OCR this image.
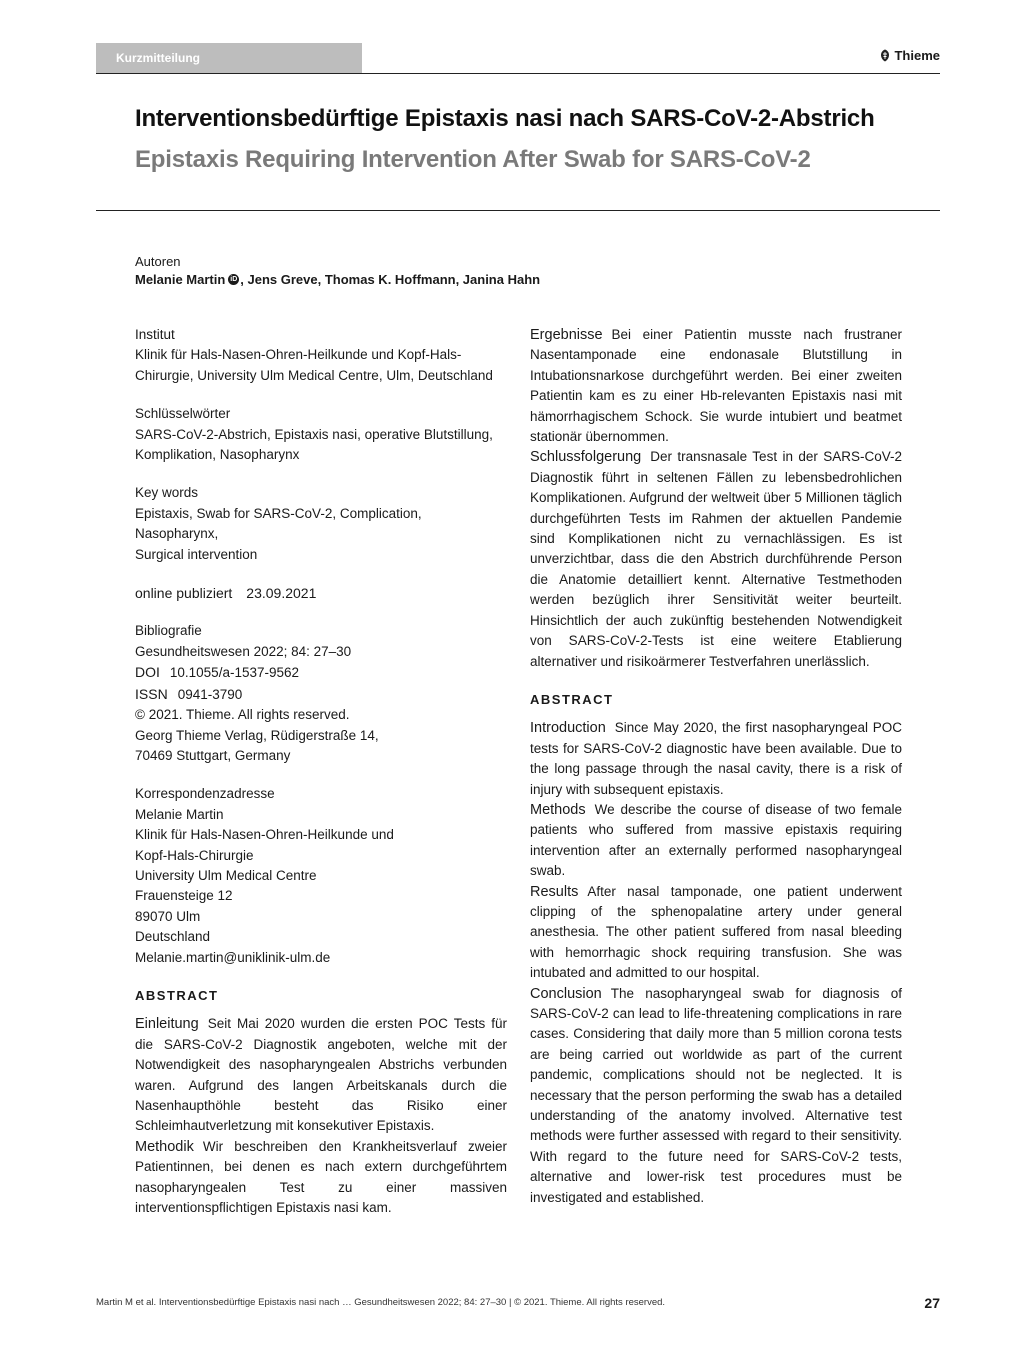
Kurzmitteilung	Thieme
Interventionsbedürftige Epistaxis nasi nach SARS-CoV-2-Abstrich
Epistaxis Requiring Intervention After Swab for SARS-CoV-2
Autoren
Melanie Martin iD , Jens Greve, Thomas K. Hoffmann, Janina Hahn
Institut
Klinik für Hals-Nasen-Ohren-Heilkunde und Kopf-Hals-
Chirurgie, University Ulm Medical Centre, Ulm, Deutschland
Schlüsselwörter
SARS-CoV-2-Abstrich, Epistaxis nasi, operative Blutstillung,
Komplikation, Nasopharynx
Key words
Epistaxis, Swab for SARS-CoV-2, Complication, Nasopharynx,
Surgical intervention
online publiziert 23.09.2021
Bibliografie
Gesundheitswesen 2022; 84: 27–30
DOI 10.1055/a-1537-9562
ISSN 0941-3790
© 2021. Thieme. All rights reserved.
Georg Thieme Verlag, Rüdigerstraße 14,
70469 Stuttgart, Germany
Korrespondenzadresse
Melanie Martin
Klinik für Hals-Nasen-Ohren-Heilkunde und
Kopf-Hals-Chirurgie
University Ulm Medical Centre
Frauensteige 12
89070 Ulm
Deutschland
Melanie.martin@uniklinik-ulm.de
ABSTRACT

Einleitung Seit Mai 2020 wurden die ersten POC Tests für die SARS-CoV-2 Diagnostik angeboten, welche mit der Notwendigkeit des nasopharyngealen Abstrichs verbunden waren. Aufgrund des langen Arbeitskanals durch die Nasenhaupthöhle besteht das Risiko einer Schleimhautverletzung mit konsekutiver Epistaxis.

Methodik Wir beschreiben den Krankheitsverlauf zweier Patientinnen, bei denen es nach extern durchgeführtem nasopharyngealen Test zu einer massiven interventionspflichtigen Epistaxis nasi kam.

Ergebnisse Bei einer Patientin musste nach frustraner Nasentamponade eine endonasale Blutstillung in Intubationsnarkose durchgeführt werden. Bei einer zweiten Patientin kam es zu einer Hb-relevanten Epistaxis nasi mit hämorrhagischem Schock. Sie wurde intubiert und beatmet stationär übernommen.

Schlussfolgerung Der transnasale Test in der SARS-CoV-2 Diagnostik führt in seltenen Fällen zu lebensbedrohlichen Komplikationen. Aufgrund der weltweit über 5 Millionen täglich durchgeführten Tests im Rahmen der aktuellen Pandemie sind Komplikationen nicht zu vernachlässigen. Es ist unverzichtbar, dass die den Abstrich durchführende Person die Anatomie detailliert kennt. Alternative Testmethoden werden bezüglich ihrer Sensitivität weiter beurteilt. Hinsichtlich der auch zukünftig bestehenden Notwendigkeit von SARS-CoV-2-Tests ist eine weitere Etablierung alternativer und risikoärmerer Testverfahren unerlässlich.

ABSTRACT

Introduction Since May 2020, the first nasopharyngeal POC tests for SARS-CoV-2 diagnostic have been available. Due to the long passage through the nasal cavity, there is a risk of injury with subsequent epistaxis.

Methods We describe the course of disease of two female patients who suffered from massive epistaxis requiring intervention after an externally performed nasopharyngeal swab.

Results After nasal tamponade, one patient underwent clipping of the sphenopalatine artery under general anesthesia. The other patient suffered from nasal bleeding with hemorrhagic shock requiring transfusion. She was intubated and admitted to our hospital.

Conclusion The nasopharyngeal swab for diagnosis of SARS-CoV-2 can lead to life-threatening complications in rare cases. Considering that daily more than 5 million corona tests are being carried out worldwide as part of the current pandemic, complications should not be neglected. It is necessary that the person performing the swab has a detailed understanding of the anatomy involved. Alternative test methods were further assessed with regard to their sensitivity. With regard to the future need for SARS-CoV-2 tests, alternative and lower-risk test procedures must be investigated and established.

Martin M et al. Interventionsbedürftige Epistaxis nasi nach … Gesundheitswesen 2022; 84: 27–30 | © 2021. Thieme. All rights reserved.	27
